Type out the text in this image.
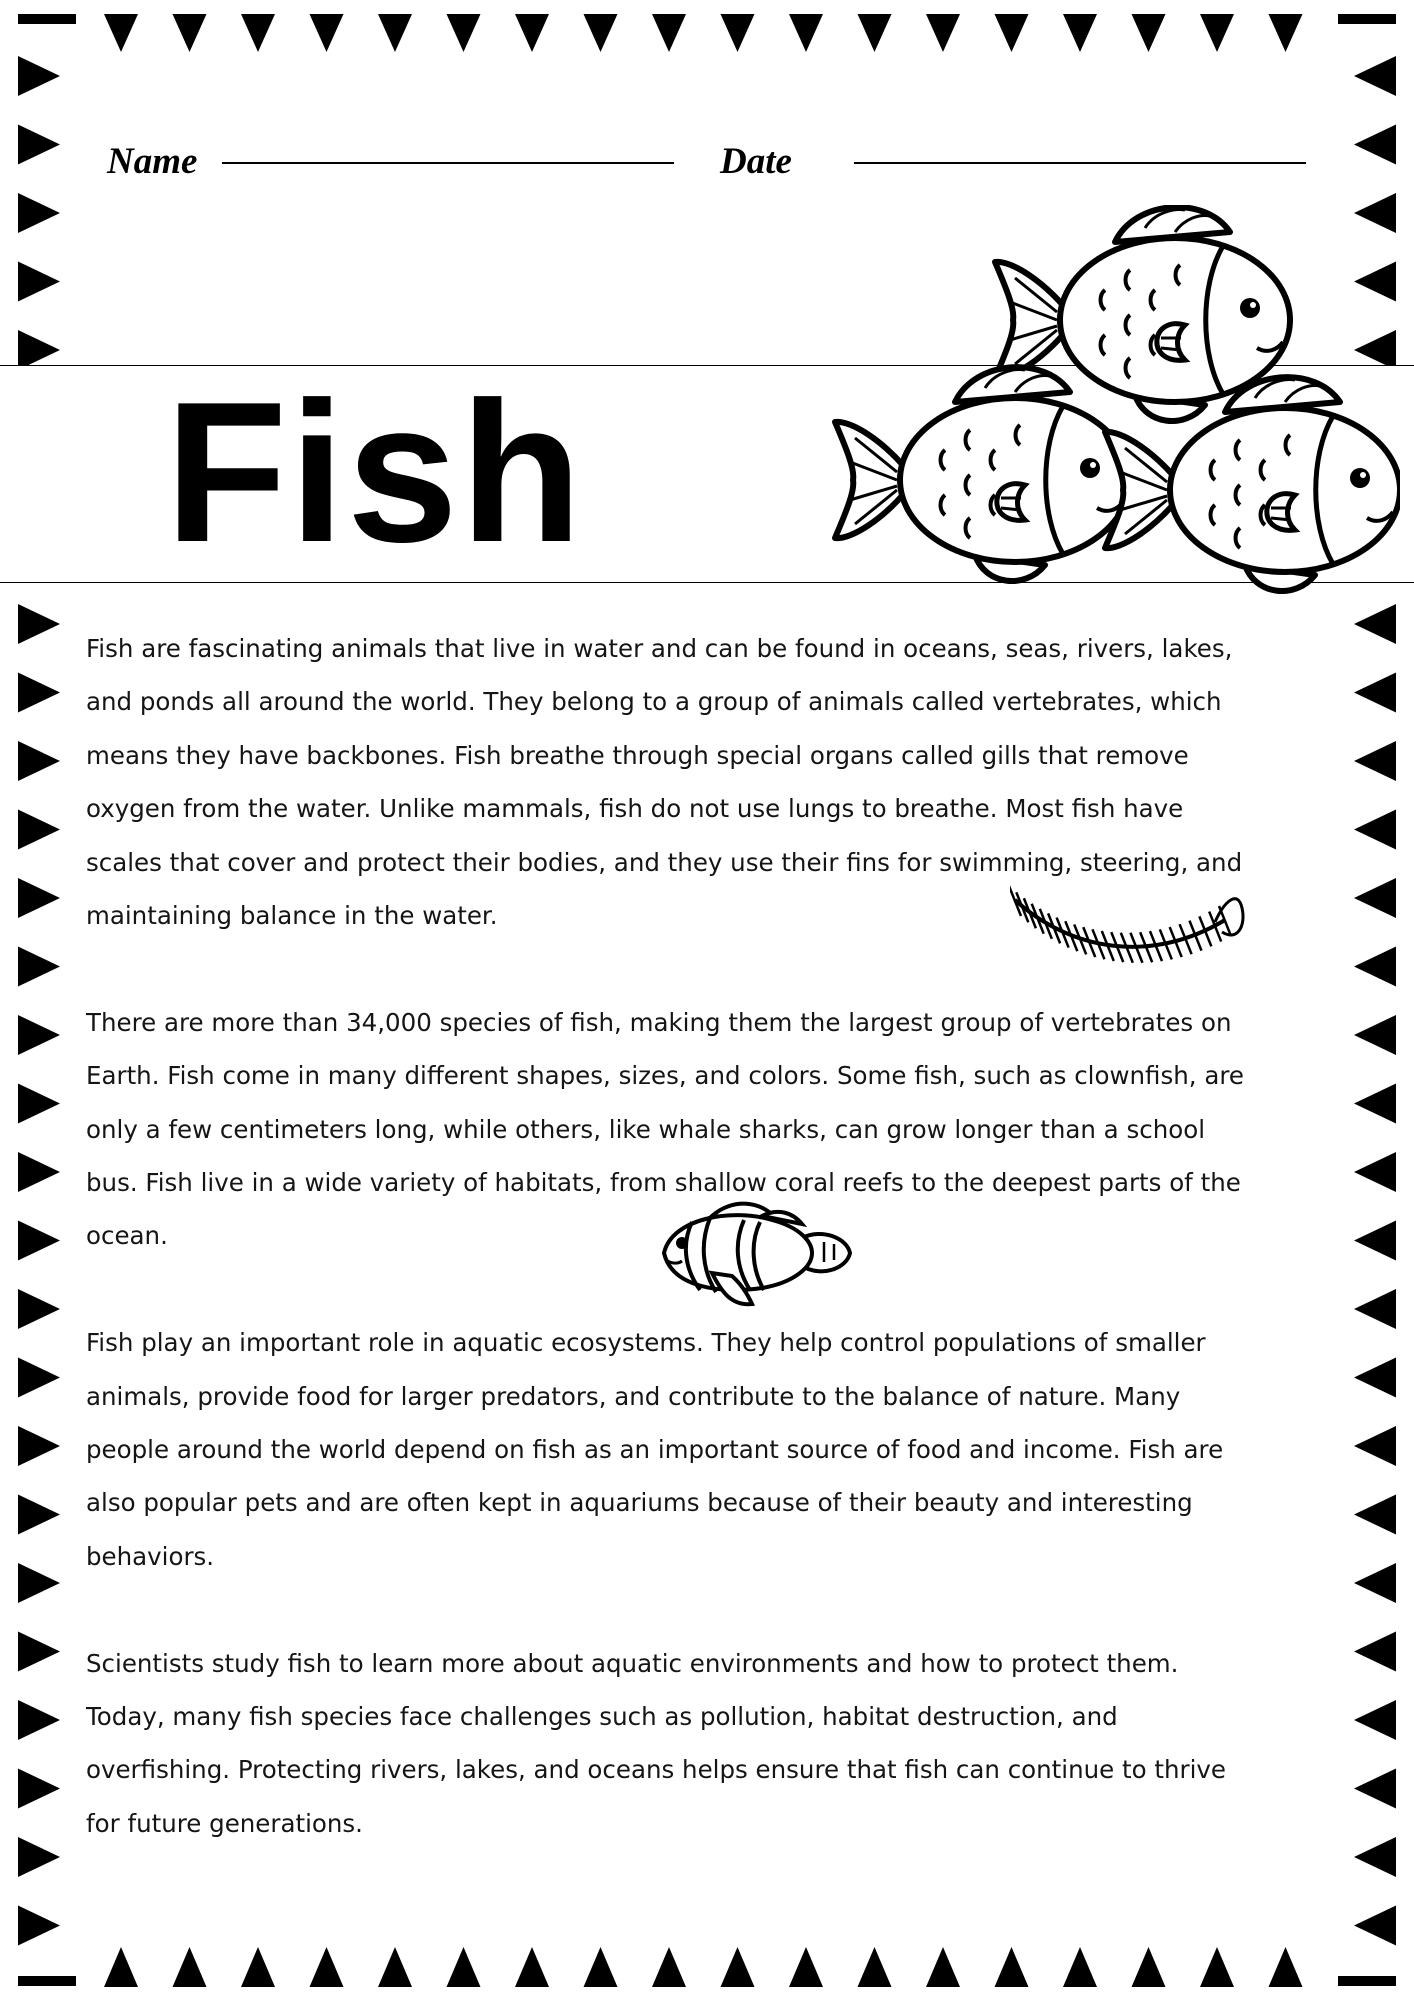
Name	Date
Fish

Fish are fascinating animals that live in water and can be found in oceans, seas, rivers, lakes,
and ponds all around the world. They belong to a group of animals called vertebrates, which
means they have backbones. Fish breathe through special organs called gills that remove
oxygen from the water. Unlike mammals, fish do not use lungs to breathe. Most fish have
scales that cover and protect their bodies, and they use their fins for swimming, steering, and
maintaining balance in the water.

There are more than 34,000 species of fish, making them the largest group of vertebrates on
Earth. Fish come in many different shapes, sizes, and colors. Some fish, such as clownfish, are
only a few centimeters long, while others, like whale sharks, can grow longer than a school
bus. Fish live in a wide variety of habitats, from shallow coral reefs to the deepest parts of the
ocean.

Fish play an important role in aquatic ecosystems. They help control populations of smaller
animals, provide food for larger predators, and contribute to the balance of nature. Many
people around the world depend on fish as an important source of food and income. Fish are
also popular pets and are often kept in aquariums because of their beauty and interesting
behaviors.

Scientists study fish to learn more about aquatic environments and how to protect them.
Today, many fish species face challenges such as pollution, habitat destruction, and
overfishing. Protecting rivers, lakes, and oceans helps ensure that fish can continue to thrive
for future generations.
